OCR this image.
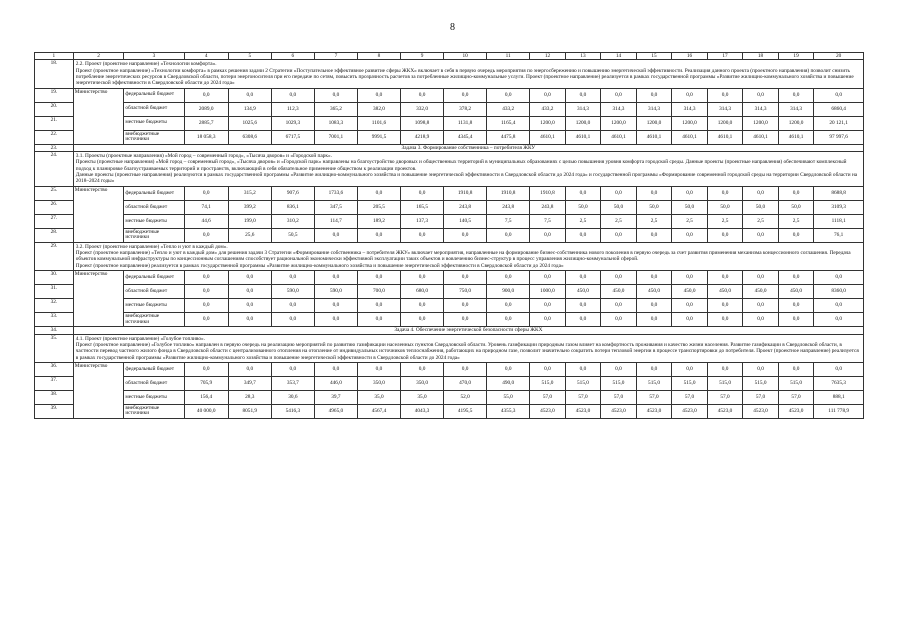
8
1	2	3	4	5	6	7	8	9	10	11	12	13	14	15	16	17	18	19	20
18.	2.2. Проект (проектное направление) «Технологии комфорта».
Проект (проектное направление) «Технологии комфорта» в рамках решения задачи 2 Стратегии «Поступательное эффективное развитие сферы ЖКХ» включает в себя в первую очередь мероприятия по энергосбережению и повышению энергетической эффективности. Реализация данного проекта (проектного направления) позволит снизить потребление энергетических ресурсов в Свердловской области, потери энергоносителя при его передаче по сетям, повысить прозрачность расчетов за потребленные жилищно-коммунальные услуги. Проект (проектное направление) реализуется в рамках государственной программы «Развитие жилищно-коммунального хозяйства и повышение энергетической эффективности в Свердловской области до 2024 года»																		

19.	Министерство	федеральный бюджет	0,0	0,0	0,0	0,0	0,0	0,0	0,0	0,0	0,0	0,0	0,0	0,0	0,0	0,0	0,0	0,0	0,0
20.		областной бюджет	2089,0	134,9	112,3	365,2	382,0	332,0	378,2	433,2	433,2	314,3	314,3	314,3	314,3	314,3	314,3	314,3	6860,4
21.		местные бюджеты	2885,7	1025,6	1029,3	1083,3	1101,6	1098,8	1131,8	1165,4	1200,0	1200,0	1200,0	1200,0	1200,0	1200,0	1200,0	1200,0	20 121,1
22.		внебюджетные источники	18 058,3	6308,6	6717,5	7001,1	9991,5	4218,9	4345,4	4475,8	4610,1	4610,1	4610,1	4610,1	4610,1	4610,1	4610,1	4610,1	97 997,6
23.	Задача 3. Формирование собственника – потребителя ЖКУ																		
24.	3.1. Проекты (проектные направления) «Мой город – современный город», «Тысяча дворов» и «Городской парк».
Проекты (проектные направления) «Мой город – современный город», «Тысяча дворов» и «Городской парк» направлены на благоустройство дворовых и общественных территорий в муниципальных образованиях с целью повышения уровня комфорта городской среды. Данные проекты (проектные направления) обеспечивают комплексный подход к планировке благоустраиваемых территорий и пространств, включающий в себя обязательное применение обществом к реализации проектов.
Данные проекты (проектные направления) реализуются в рамках государственной программы «Развитие жилищно-коммунального хозяйства и повышение энергетической эффективности в Свердловской области до 2024 года» и государственной программы «Формирование современной городской среды на территории Свердловской области на 2018–2024 годы»																		

25.	Министерство	федеральный бюджет	0,0	315,2	907,6	1733,6	0,0	0,0	1910,8	1910,8	1910,8	0,0	0,0	0,0	0,0	0,0	0,0	0,0	8688,8
26.		областной бюджет	74,1	399,2	836,1	347,5	205,5	165,5	243,8	243,8	243,8	50,0	50,0	50,0	50,0	50,0	50,0	50,0	3109,3
27.		местные бюджеты	44,6	199,0	310,2	114,7	189,2	137,3	140,5	7,5	7,5	2,5	2,5	2,5	2,5	2,5	2,5	2,5	1118,1
28.		внебюджетные источники	0,0	25,6	50,5	0,0	0,0	0,0	0,0	0,0	0,0	0,0	0,0	0,0	0,0	0,0	0,0	0,0	76,1
29.	3.2. Проект (проектное направление) «Тепло и уют в каждый дом».
Проект (проектное направление) «Тепло и уют в каждый дом» для решения задачи 3 Стратегии «Формирование собственника – потребителя ЖКУ» включает мероприятия, направленные на формирование бизнес-собственника нового поколения в первую очередь за счет развития применения механизма концессионного соглашения. Передача объектов коммунальной инфраструктуры по концессионным соглашениям способствует рациональной экономически эффективной эксплуатации таких объектов и вовлечению бизнес-структур в процесс управления жилищно-коммунальной сферой.
Проект (проектное направление) реализуется в рамках государственной программы «Развитие жилищно-коммунального хозяйства и повышение энергетической эффективности в Свердловской области до 2024 года»																		

30.	Министерство	федеральный бюджет	0,0	0,0	0,0	0,0	0,0	0,0	0,0	0,0	0,0	0,0	0,0	0,0	0,0	0,0	0,0	0,0	0,0
31.		областной бюджет	0,0	0,0	590,0	590,0	700,0	680,0	750,0	900,0	1000,0	450,0	450,0	450,0	450,0	450,0	450,0	450,0	8360,0
32.		местные бюджеты	0,0	0,0	0,0	0,0	0,0	0,0	0,0	0,0	0,0	0,0	0,0	0,0	0,0	0,0	0,0	0,0	0,0
33.		внебюджетные источники	0,0	0,0	0,0	0,0	0,0	0,0	0,0	0,0	0,0	0,0	0,0	0,0	0,0	0,0	0,0	0,0	0,0
34.	Задача 4. Обеспечение энергетической безопасности сферы ЖКХ																		
35.	4.1. Проект (проектное направление) «Голубое топливо».
Проект (проектное направление) «Голубое топливо» направлен в первую очередь на реализацию мероприятий по развитию газификации населенных пунктов Свердловской области. Уровень газификации природным газом влияет на комфортность проживания и качество жизни населения. Развитие газификации в Свердловской области, в частности перевод частного жилого фонда в Свердловской области с централизованного отопления на отопление от индивидуальных источников теплоснабжения, работающих на природном газе, позволит значительно сократить потери тепловой энергии в процессе транспортировки до потребителя. Проект (проектное направление) реализуется в рамках государственной программы «Развитие жилищно-коммунального хозяйства и повышение энергетической эффективности в Свердловской области до 2024 года»																		

36.	Министерство	федеральный бюджет	0,0	0,0	0,0	0,0	0,0	0,0	0,0	0,0	0,0	0,0	0,0	0,0	0,0	0,0	0,0	0,0	0,0
37.		областной бюджет	705,9	349,7	353,7	446,0	350,0	350,0	470,0	490,0	515,0	515,0	515,0	515,0	515,0	515,0	515,0	515,0	7635,3
38.		местные бюджеты	156,4	28,3	30,6	39,7	35,0	35,0	52,0	55,0	57,0	57,0	57,0	57,0	57,0	57,0	57,0	57,0	888,1
39.		внебюджетные источники	40 000,0	8051,9	5416,3	4965,0	4567,4	4043,3	4195,5	4355,3	4523,0	4523,0	4523,0	4523,0	4523,0	4523,0	4523,0	4523,0	111 778,9
